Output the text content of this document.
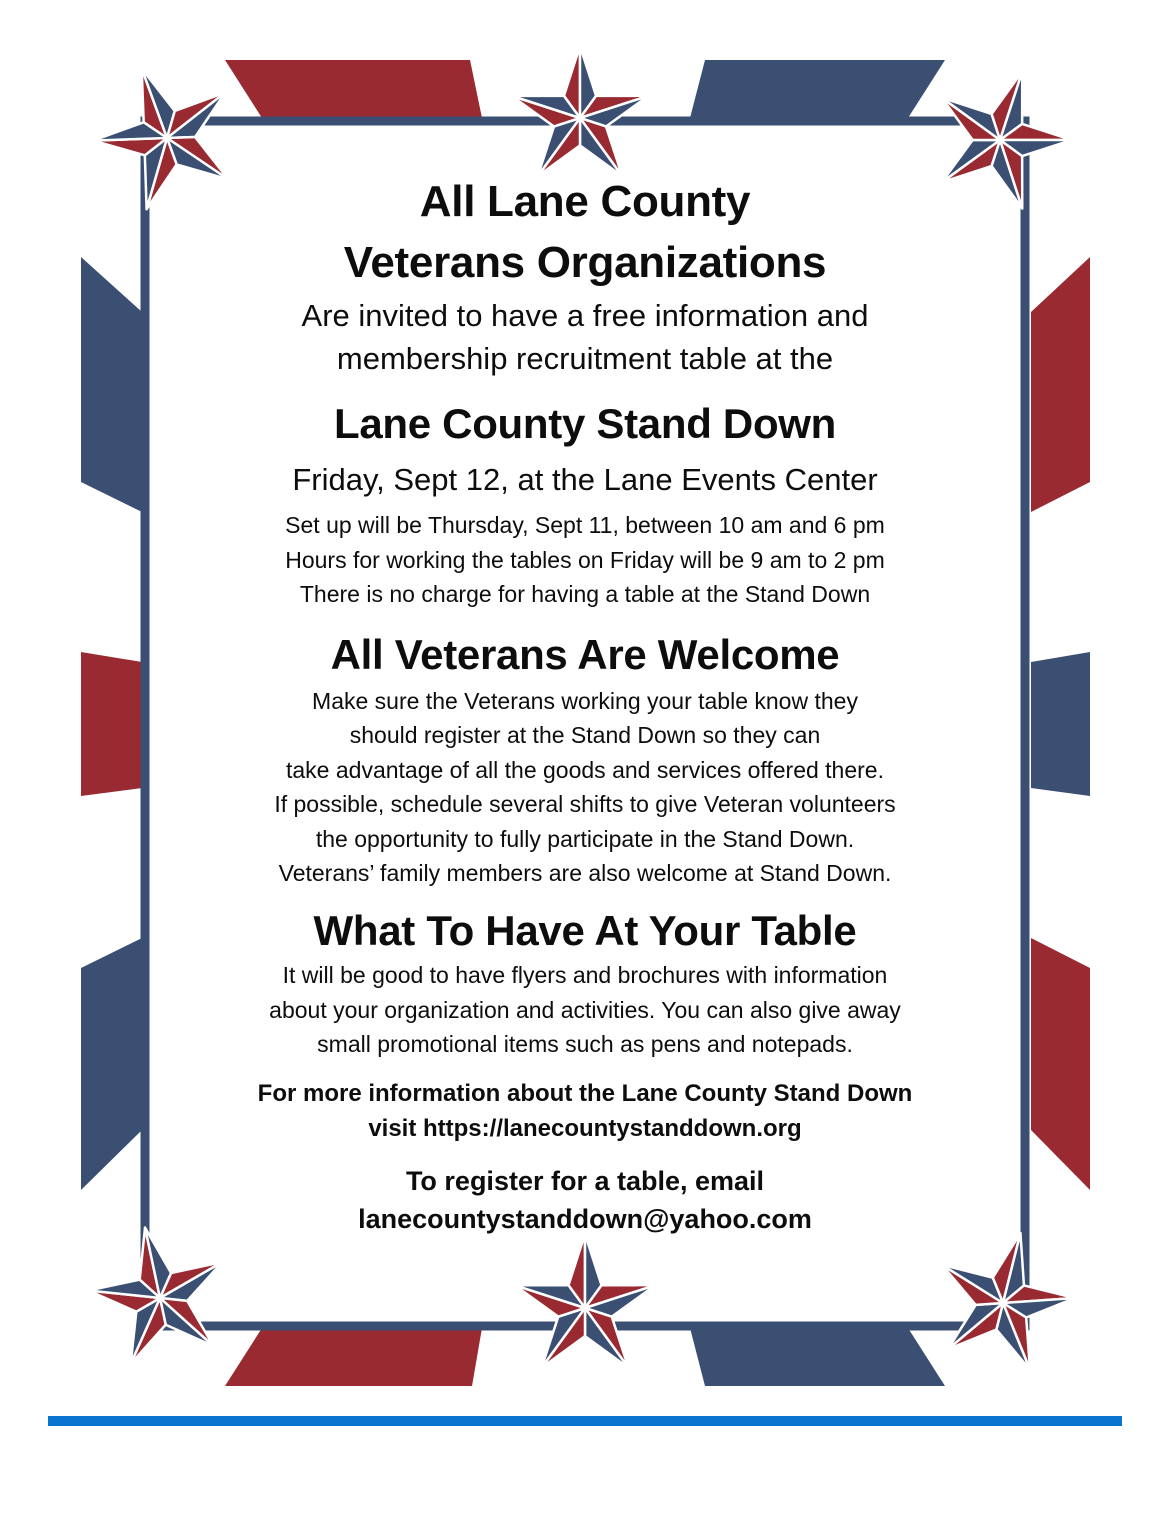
All Lane County

Veterans Organizations

Are invited to have a free information and

membership recruitment table at the

Lane County Stand Down

Friday, Sept 12, at the Lane Events Center

Set up will be Thursday, Sept 11, between 10 am and 6 pm

Hours for working the tables on Friday will be 9 am to 2 pm

There is no charge for having a table at the Stand Down

All Veterans Are Welcome

Make sure the Veterans working your table know they

should register at the Stand Down so they can

take advantage of all the goods and services offered there.

If possible, schedule several shifts to give Veteran volunteers

the opportunity to fully participate in the Stand Down.

Veterans’ family members are also welcome at Stand Down.

What To Have At Your Table

It will be good to have flyers and brochures with information

about your organization and activities. You can also give away

small promotional items such as pens and notepads.

For more information about the Lane County Stand Down

visit https://lanecountystanddown.org

To register for a table, email

lanecountystanddown@yahoo.com
